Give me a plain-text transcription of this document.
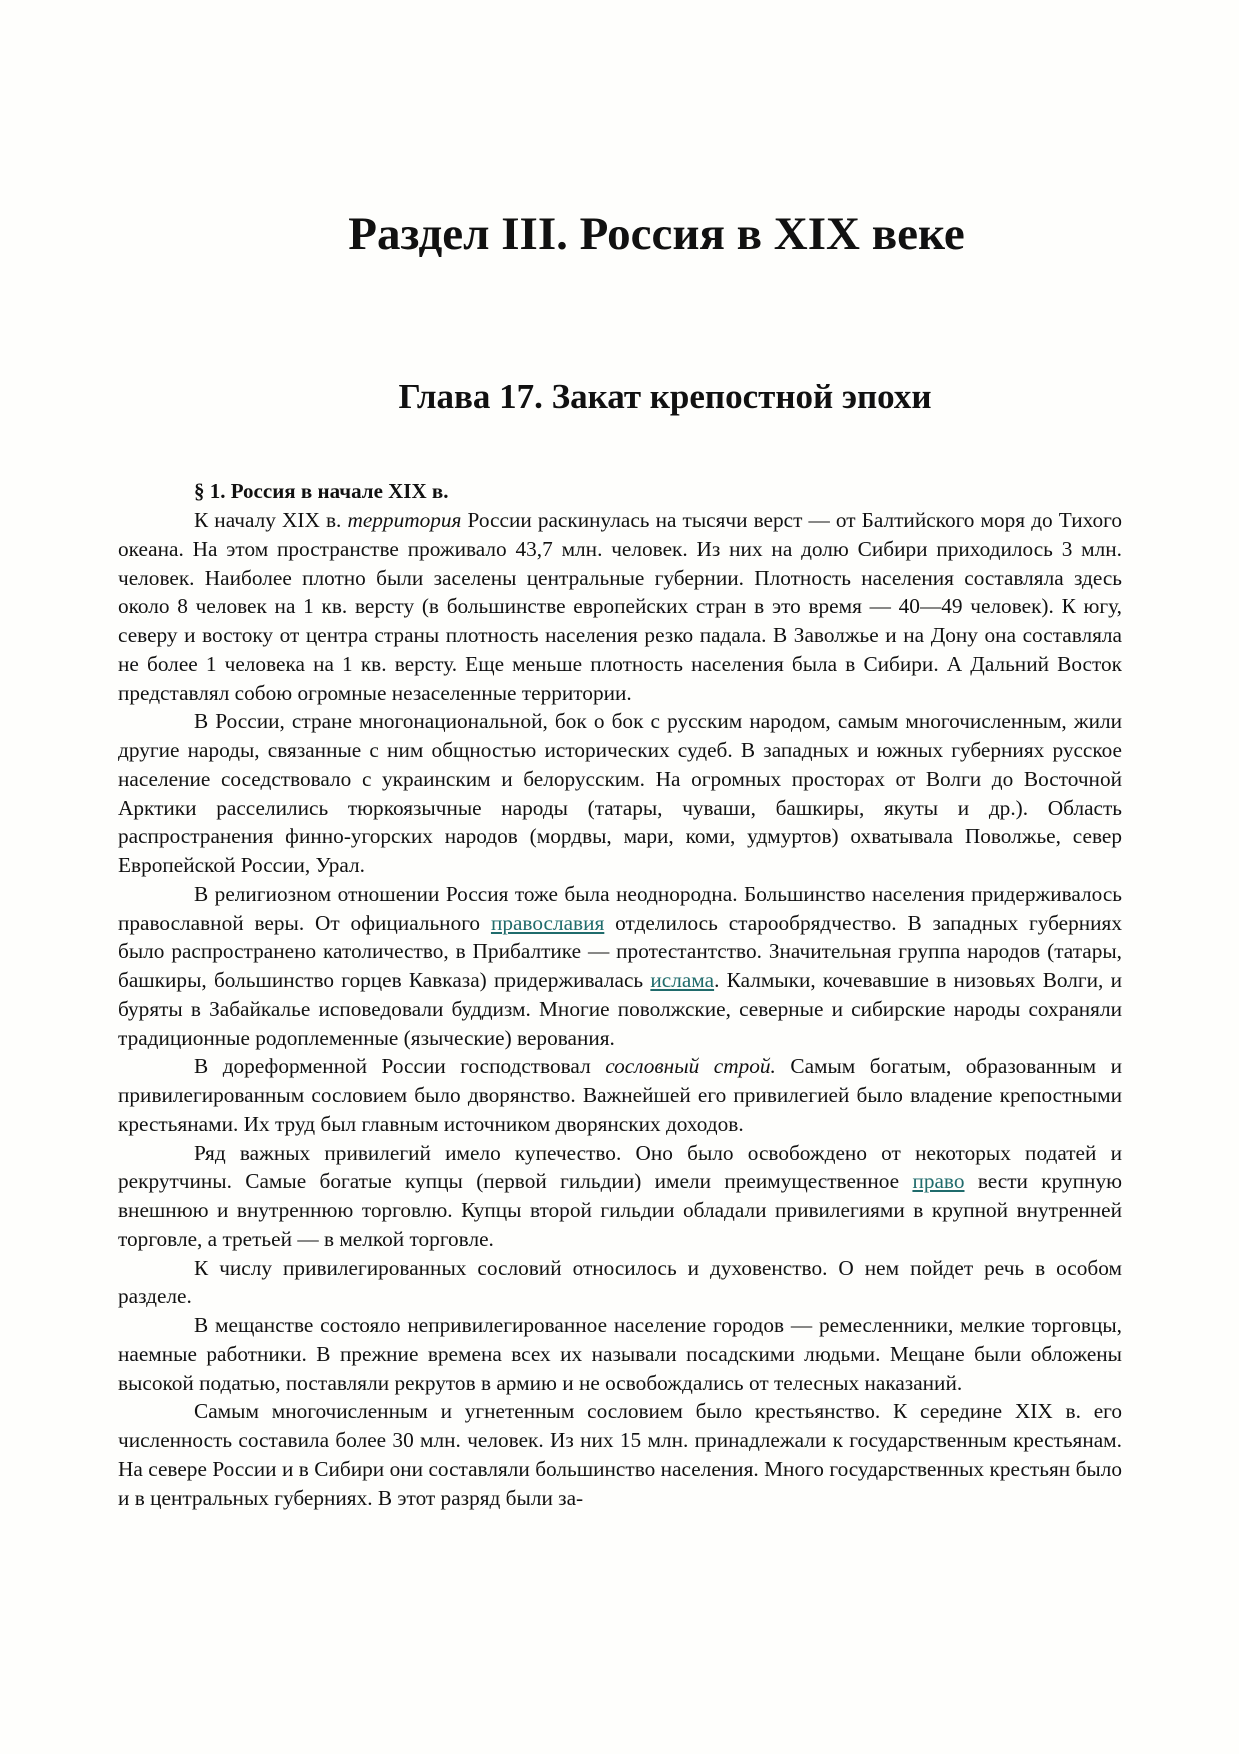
Раздел III. Россия в XIX веке
Глава 17. Закат крепостной эпохи

§ 1. Россия в начале XIX в.

К началу XIX в. территория России раскинулась на тысячи верст — от Балтийского моря до Тихого океана. На этом пространстве проживало 43,7 млн. человек. Из них на долю Сибири приходилось 3 млн. человек. Наиболее плотно были заселены центральные губернии. Плотность населения составляла здесь около 8 человек на 1 кв. версту (в большинстве европейских стран в это время — 40—49 человек). К югу, северу и востоку от центра страны плотность населения резко падала. В Заволжье и на Дону она составляла не более 1 человека на 1 кв. версту. Еще меньше плотность населения была в Сибири. А Дальний Восток представлял собою огромные незаселенные территории.

В России, стране многонациональной, бок о бок с русским народом, самым многочисленным, жили другие народы, связанные с ним общностью исторических судеб. В западных и южных губерниях русское население соседствовало с украинским и белорусским. На огромных просторах от Волги до Восточной Арктики расселились тюркоязычные народы (татары, чуваши, башкиры, якуты и др.). Область распространения финно-угорских народов (мордвы, мари, коми, удмуртов) охватывала Поволжье, север Европейской России, Урал.

В религиозном отношении Россия тоже была неоднородна. Большинство населения придерживалось православной веры. От официального православия отделилось старообрядчество. В западных губерниях было распространено католичество, в Прибалтике — протестантство. Значительная группа народов (татары, башкиры, большинство горцев Кавказа) придерживалась ислама. Калмыки, кочевавшие в низовьях Волги, и буряты в Забайкалье исповедовали буддизм. Многие поволжские, северные и сибирские народы сохраняли традиционные родоплеменные (языческие) верования.

В дореформенной России господствовал сословный строй. Самым богатым, образованным и привилегированным сословием было дворянство. Важнейшей его привилегией было владение крепостными крестьянами. Их труд был главным источником дворянских доходов.

Ряд важных привилегий имело купечество. Оно было освобождено от некоторых податей и рекрутчины. Самые богатые купцы (первой гильдии) имели преимущественное право вести крупную внешнюю и внутреннюю торговлю. Купцы второй гильдии обладали привилегиями в крупной внутренней торговле, а третьей — в мелкой торговле.

К числу привилегированных сословий относилось и духовенство. О нем пойдет речь в особом разделе.

В мещанстве состояло непривилегированное население городов — ремесленники, мелкие торговцы, наемные работники. В прежние времена всех их называли посадскими людьми. Мещане были обложены высокой податью, поставляли рекрутов в армию и не освобождались от телесных наказаний.

Самым многочисленным и угнетенным сословием было крестьянство. К середине XIX в. его численность составила более 30 млн. человек. Из них 15 млн. принадлежали к государственным крестьянам. На севере России и в Сибири они составляли большинство населения. Много государственных крестьян было и в центральных губерниях. В этот разряд были за-
